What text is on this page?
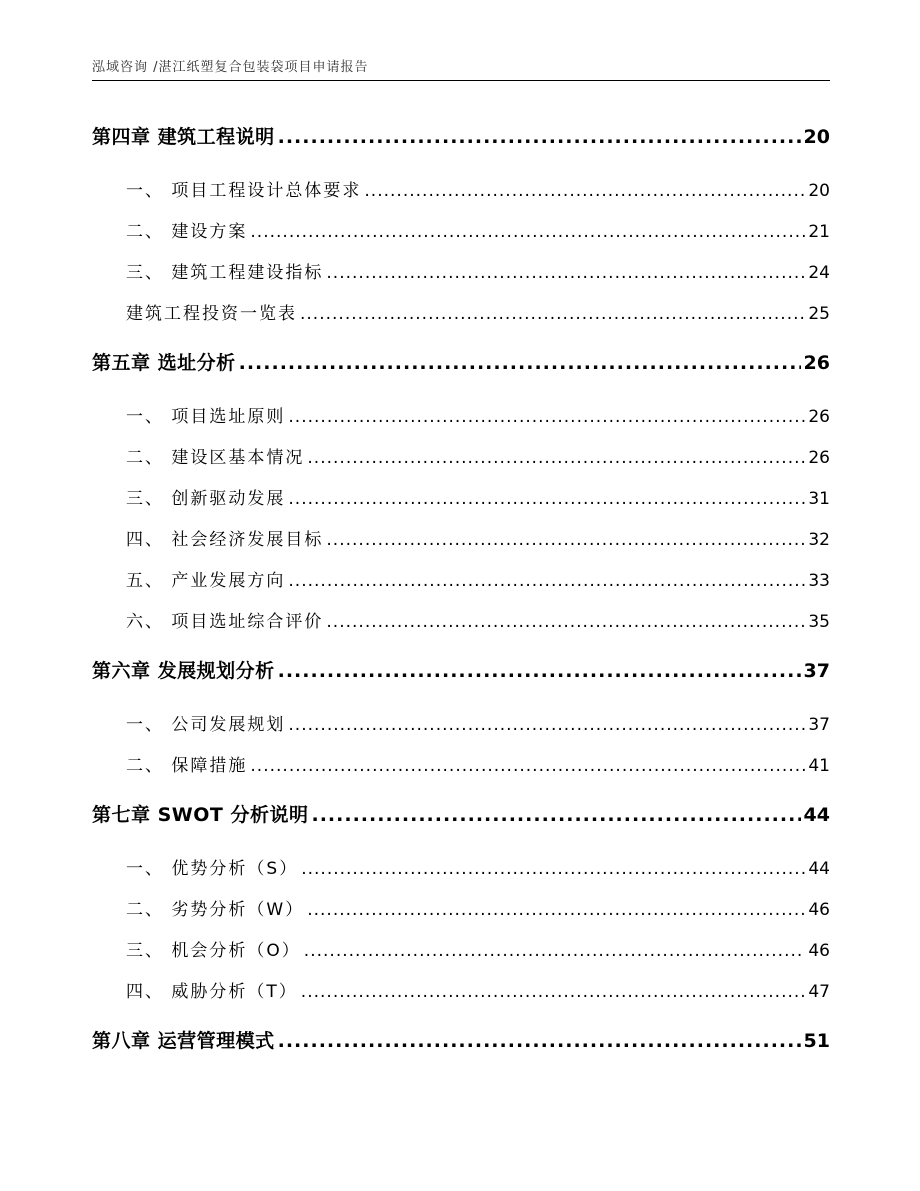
泓域咨询 /湛江纸塑复合包装袋项目申请报告
第四章 建筑工程说明 .....	20
一、 项目工程设计总体要求 .....	20
二、 建设方案 .....	21
三、 建筑工程建设指标 .....	24
建筑工程投资一览表 .....	25
第五章 选址分析 .....	26
一、 项目选址原则 .....	26
二、 建设区基本情况 .....	26
三、 创新驱动发展 .....	31
四、 社会经济发展目标 .....	32
五、 产业发展方向 .....	33
六、 项目选址综合评价 .....	35
第六章 发展规划分析 .....	37
一、 公司发展规划 .....	37
二、 保障措施 .....	41
第七章 SWOT 分析说明 .....	44
一、 优势分析（S） .....	44
二、 劣势分析（W） .....	46
三、 机会分析（O） .....	46
四、 威胁分析（T） .....	47
第八章 运营管理模式 .....	51
